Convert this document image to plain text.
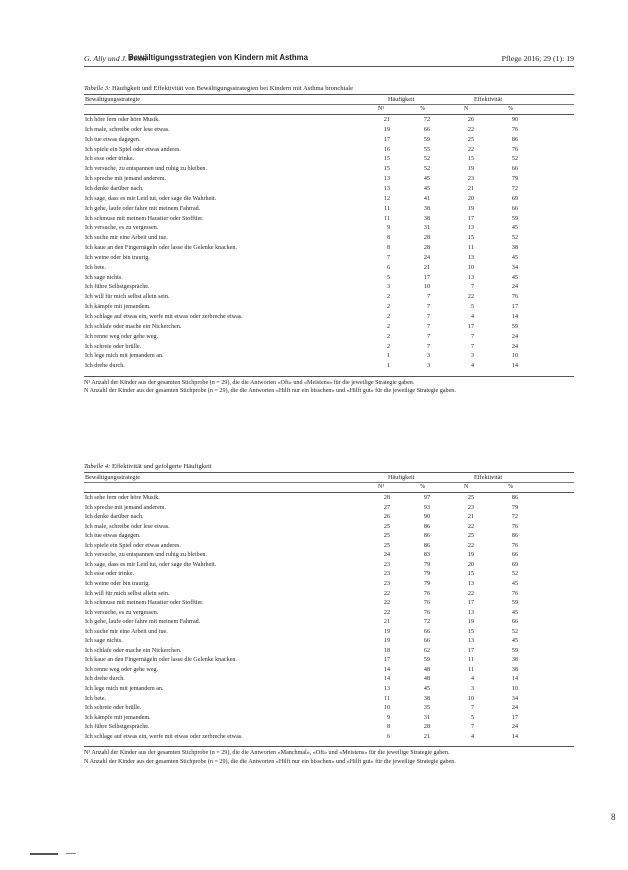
G. Ally und J. Pelen
Bewältigungsstrategien von Kindern mit Asthma	Pflege 2016; 29 (1): 19
Tabelle 3: Häufigkeit und Effektivität von Bewältigungsstrategien bei Kindern mit Asthma bronchiale
Bewältigungsstrategie	Häufigkeit	Effektivität
N¹	%	N	%
Ich höre fern oder höre Musik.	21	72	26	90
Ich male, schreibe oder lese etwas.	19	66	22	76
Ich tue etwas dagegen.	17	59	25	86
Ich spiele ein Spiel oder etwas anderes.	16	55	22	76
Ich esse oder trinke.	15	52	15	52
Ich versuche, zu entspannen und ruhig zu bleiben.	15	52	19	66
Ich spreche mit jemand anderem.	13	45	23	79
Ich denke darüber nach.	13	45	21	72
Ich sage, dass es mir Leid tut, oder sage die Wahrheit.	12	41	20	69
Ich gehe, laufe oder fahre mit meinem Fahrrad.	11	38	19	66
Ich schmuse mit meinem Haustier oder Stofftier.	11	38	17	59
Ich versuche, es zu vergessen.	9	31	13	45
Ich suche mir eine Arbeit und tue.	8	28	15	52
Ich kaue an den Fingernägeln oder lasse die Gelenke knacken.	8	28	11	38
Ich weine oder bin traurig.	7	24	13	45
Ich bete.	6	21	10	34
Ich sage nichts.	5	17	13	45
Ich führe Selbstgespräche.	3	10	7	24
Ich will für mich selbst allein sein.	2	7	22	76
Ich kämpfe mit jemandem.	2	7	5	17
Ich schlage auf etwas ein, werfe mit etwas oder zerbreche etwas.	2	7	4	14
Ich schlafe oder mache ein Nickerchen.	2	7	17	59
Ich renne weg oder gehe weg.	2	7	7	24
Ich schreie oder brülle.	2	7	7	24
Ich lege mich mit jemandem an.	1	3	3	10
Ich drehe durch.	1	3	4	14
N¹ Anzahl der Kinder aus der gesamten Stichprobe (n = 29), die die Antworten «Oft» und «Meistens» für die jeweilige Strategie gaben.
N Anzahl der Kinder aus der gesamten Stichprobe (n = 29), die die Antworten «Hilft nur ein bisschen» und «Hilft gut» für die jeweilige Strategie gaben.
Tabelle 4: Effektivität und gefolgerte Häufigkeit
Bewältigungsstrategie	Häufigkeit	Effektivität
N¹	%	N	%
Ich sehe fern oder höre Musik.	28	97	25	86
Ich spreche mit jemand anderem.	27	93	23	79
Ich denke darüber nach.	26	90	21	72
Ich male, schreibe oder lese etwas.	25	86	22	76
Ich tue etwas dagegen.	25	86	25	86
Ich spiele ein Spiel oder etwas anderes.	25	86	22	76
Ich versuche, zu entspannen und ruhig zu bleiben.	24	83	19	66
Ich sage, dass es mir Leid tut, oder sage die Wahrheit.	23	79	20	69
Ich esse oder trinke.	23	79	15	52
Ich weine oder bin traurig.	23	79	13	45
Ich will für mich selbst allein sein.	22	76	22	76
Ich schmuse mit meinem Haustier oder Stofftier.	22	76	17	59
Ich versuche, es zu vergessen.	22	76	13	45
Ich gehe, laufe oder fahre mit meinem Fahrrad.	21	72	19	66
Ich suche mir eine Arbeit und tue.	19	66	15	52
Ich sage nichts.	19	66	13	45
Ich schlafe oder mache ein Nickerchen.	18	62	17	59
Ich kaue an den Fingernägeln oder lasse die Gelenke knacken.	17	59	11	38
Ich renne weg oder gehe weg.	14	48	11	38
Ich drehe durch.	14	48	4	14
Ich lege mich mit jemandem an.	13	45	3	10
Ich bete.	11	38	10	34
Ich schreie oder brülle.	10	35	7	24
Ich kämpfe mit jemandem.	9	31	5	17
Ich führe Selbstgespräche.	8	28	7	24
Ich schlage auf etwas ein, werfe mit etwas oder zerbreche etwas.	6	21	4	14
N¹ Anzahl der Kinder aus der gesamten Stichprobe (n = 29), die die Antworten «Manchmal», «Oft» und «Meistens» für die jeweilige Strategie gaben.
N Anzahl der Kinder aus der gesamten Stichprobe (n = 29), die die Antworten «Hilft nur ein bisschen» und «Hilft gut» für die jeweilige Strategie gaben.
8
